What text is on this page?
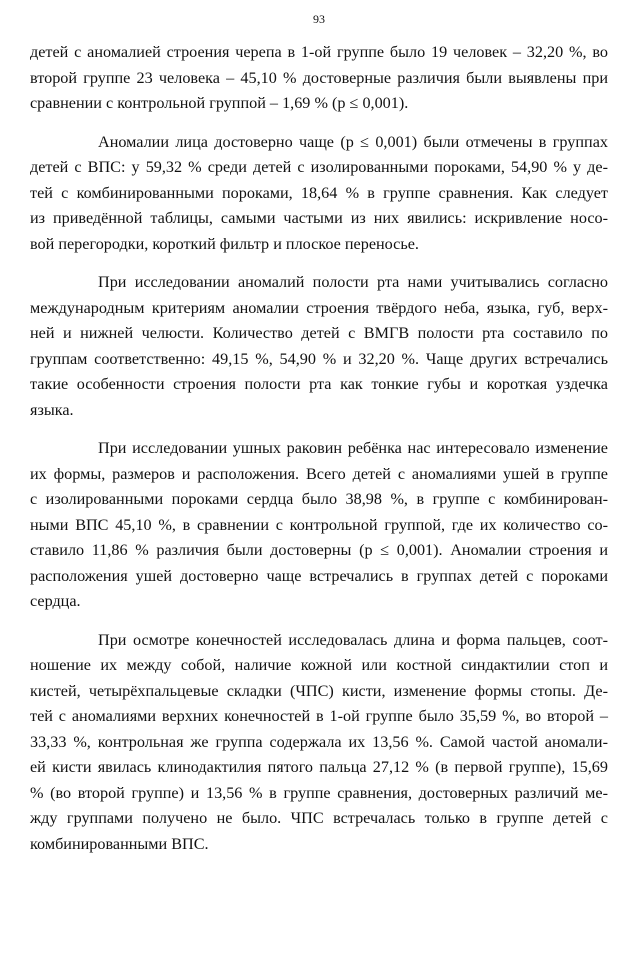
93

детей с аномалией строения черепа в 1-ой группе было 19 человек – 32,20 %, во

второй группе 23 человека – 45,10 % достоверные различия были выявлены при

сравнении с контрольной группой – 1,69 % (p ≤ 0,001).

Аномалии лица достоверно чаще (p ≤ 0,001) были отмечены в группах

детей с ВПС: у 59,32 % среди детей с изолированными пороками, 54,90 % у де-

тей с комбинированными пороками, 18,64 % в группе сравнения. Как следует

из приведённой таблицы, самыми частыми из них явились: искривление носо-

вой перегородки, короткий фильтр и плоское переносье.

При исследовании аномалий полости рта нами учитывались согласно

международным критериям аномалии строения твёрдого неба, языка, губ, верх-

ней и нижней челюсти. Количество детей с ВМГВ полости рта составило по

группам соответственно: 49,15 %, 54,90 % и 32,20 %. Чаще других встречались

такие особенности строения полости рта как тонкие губы и короткая уздечка

языка.

При исследовании ушных раковин ребёнка нас интересовало изменение

их формы, размеров и расположения. Всего детей с аномалиями ушей в группе

с изолированными пороками сердца было 38,98 %, в группе с комбинирован-

ными ВПС 45,10 %, в сравнении с контрольной группой, где их количество со-

ставило 11,86 % различия были достоверны (p ≤ 0,001). Аномалии строения и

расположения ушей достоверно чаще встречались в группах детей с пороками

сердца.

При осмотре конечностей исследовалась длина и форма пальцев, соот-

ношение их между собой, наличие кожной или костной синдактилии стоп и

кистей, четырёхпальцевые складки (ЧПС) кисти, изменение формы стопы. Де-

тей с аномалиями верхних конечностей в 1-ой группе было 35,59 %, во второй –

33,33 %, контрольная же группа содержала их 13,56 %. Самой частой аномали-

ей кисти явилась клинодактилия пятого пальца 27,12 % (в первой группе), 15,69

% (во второй группе) и 13,56 % в группе сравнения, достоверных различий ме-

жду группами получено не было. ЧПС встречалась только в группе детей с

комбинированными ВПС.
